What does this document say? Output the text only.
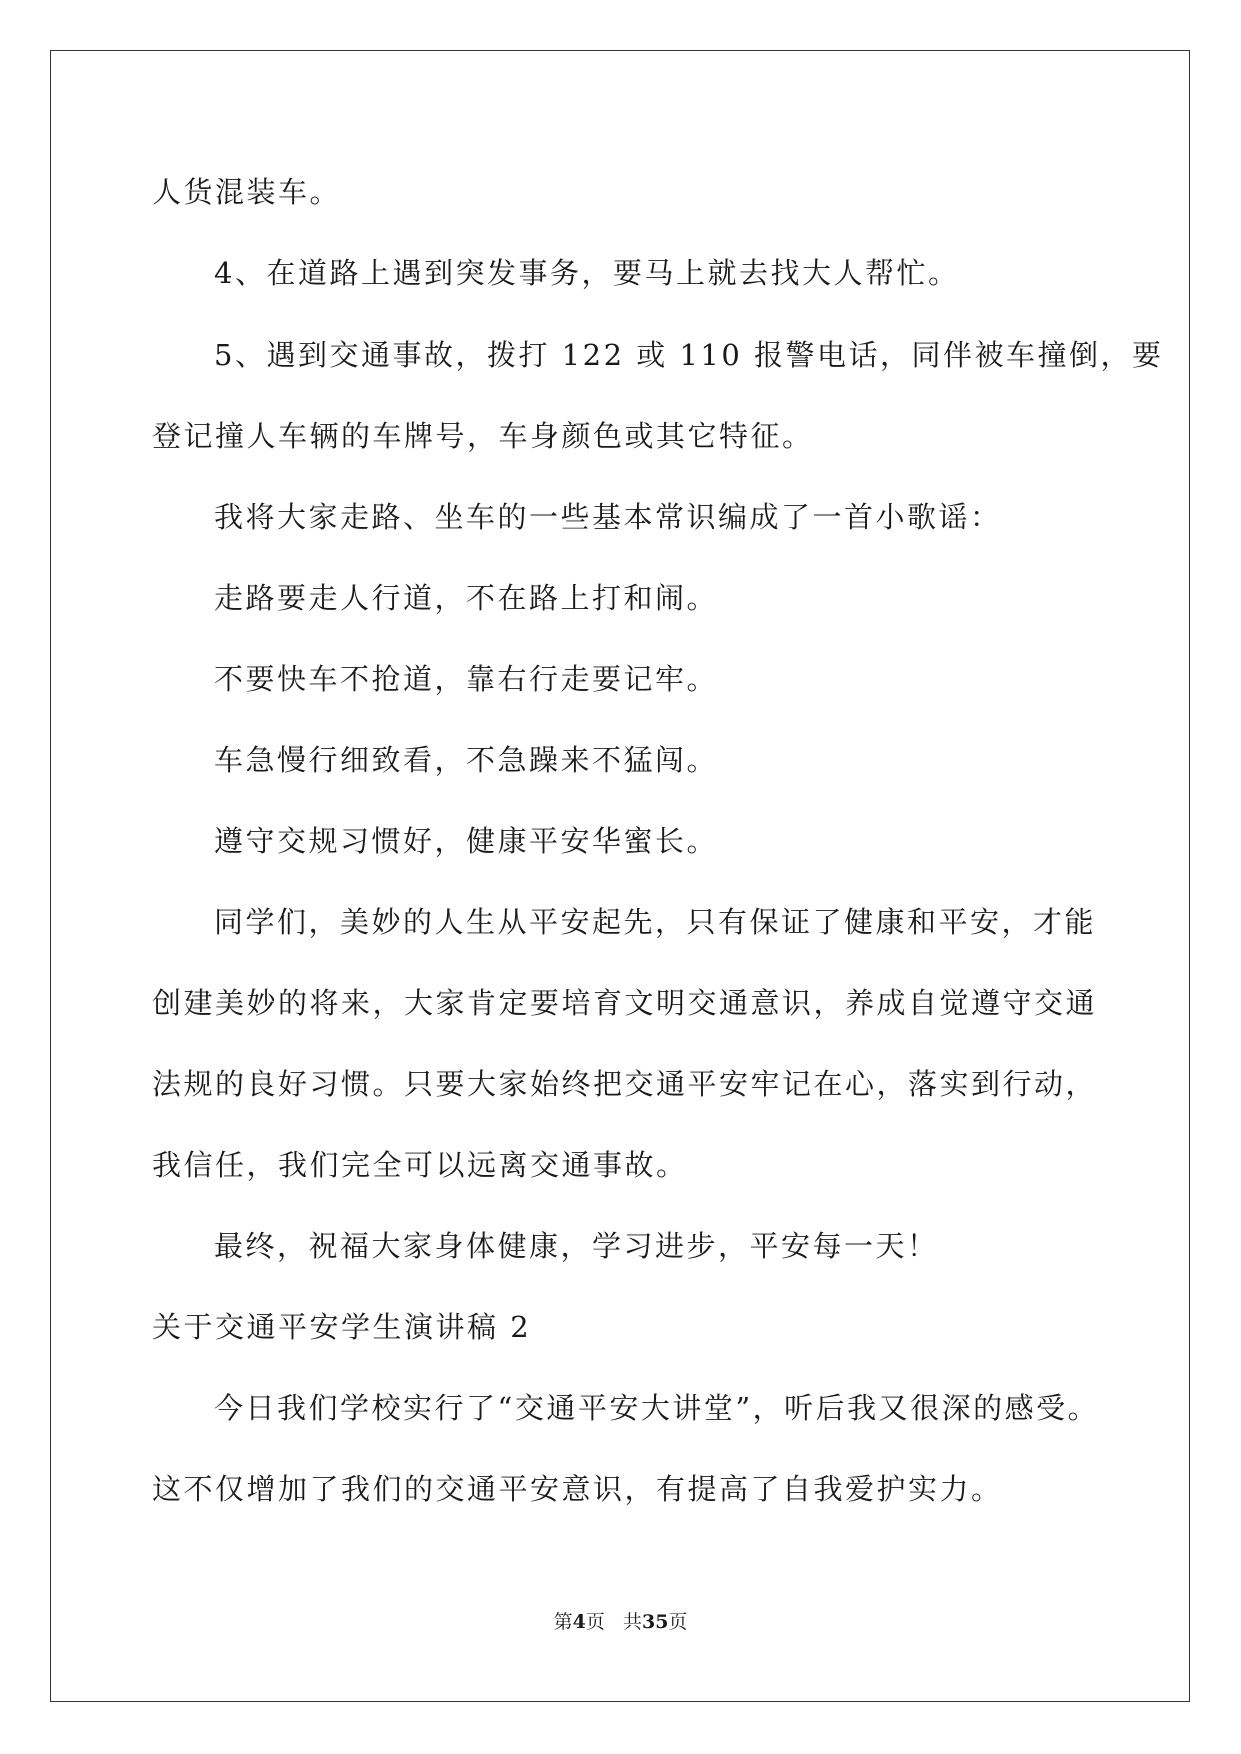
人货混装车。
4、在道路上遇到突发事务，要马上就去找大人帮忙。
5、遇到交通事故，拨打 122 或 110 报警电话，同伴被车撞倒，要
登记撞人车辆的车牌号，车身颜色或其它特征。
我将大家走路、坐车的一些基本常识编成了一首小歌谣：
走路要走人行道，不在路上打和闹。
不要快车不抢道，靠右行走要记牢。
车急慢行细致看，不急躁来不猛闯。
遵守交规习惯好，健康平安华蜜长。
同学们，美妙的人生从平安起先，只有保证了健康和平安，才能
创建美妙的将来，大家肯定要培育文明交通意识，养成自觉遵守交通
法规的良好习惯。只要大家始终把交通平安牢记在心，落实到行动，
我信任，我们完全可以远离交通事故。
最终，祝福大家身体健康，学习进步，平安每一天！
关于交通平安学生演讲稿 2
今日我们学校实行了“交通平安大讲堂”，听后我又很深的感受。
这不仅增加了我们的交通平安意识，有提高了自我爱护实力。
第4页 共35页
